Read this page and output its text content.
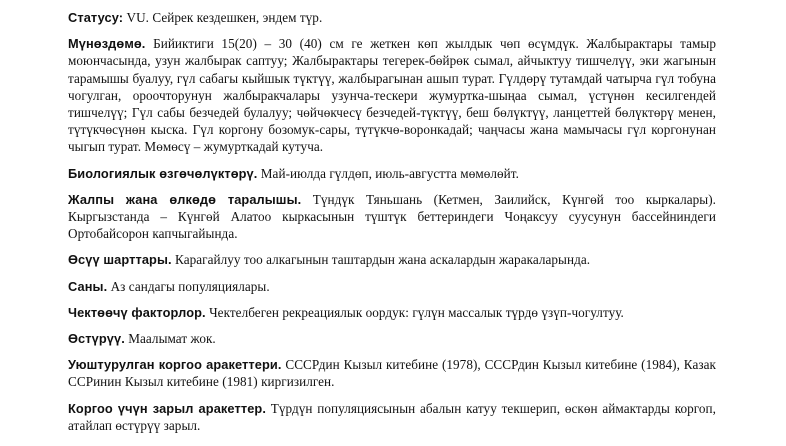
Статусу: VU. Сейрек кездешкен, эндем түр.

Мүнөздөмө. Бийиктиги 15(20) – 30 (40) см ге жеткен көп жылдык чөп өсүмдүк. Жалбырактары тамыр моюнчасында, узун жалбырак саптуу; Жалбырактары тегерек-бөйрөк сымал, айчыктуу тишчелүү, эки жагынын тарамышы буалуу, гүл сабагы кыйшык түктүү, жалбырагынан ашып турат. Гүлдөрү тутамдай чатырча гүл тобуна чогулган, ороочторунун жалбыракчалары узунча-тескери жумуртка-шыңаа сымал, үстүнөн кесилгендей тишчелүү; Гүл сабы безчедей булалуу; чөйчөкчесү безчедей-түктүү, беш бөлүктүү, ланцеттей бөлүктөрү менен, түтүкчөсүнөн кыска. Гүл коргону бозомук-сары, түтүкчө-воронкадай; чаңчасы жана мамычасы гүл коргонунан чыгып турат. Мөмөсү – жумурткадай кутуча.

Биологиялык өзгөчөлүктөрү. Май-июлда гүлдөп, июль-августта мөмөлөйт.

Жалпы жана өлкөдө таралышы. Түндүк Тяньшань (Кетмен, Заилийск, Күнгөй тоо кыркалары). Кыргызстанда – Күнгөй Алатоо кыркасынын түштүк беттериндеги Чоңаксуу суусунун бассейниндеги Ортобайсорон капчыгайында.

Өсүү шарттары. Карагайлуу тоо алкагынын таштардын жана аскалардын жаракаларында.

Саны. Аз сандагы популяциялары.

Чектөөчү факторлор. Чектелбеген рекреациялык оордук: гүлүн массалык түрдө үзүп-чогултуу.

Өстүрүү. Маалымат жок.

Уюштурулган коргоо аракеттери. СССРдин Кызыл китебине (1978), СССРдин Кызыл китебине (1984), Казак ССРинин Кызыл китебине (1981) киргизилген.

Коргоо үчүн зарыл аракеттер. Түрдүн популяциясынын абалын катуу текшерип, өскөн аймактарды коргоп, атайлап өстүрүү зарыл.
